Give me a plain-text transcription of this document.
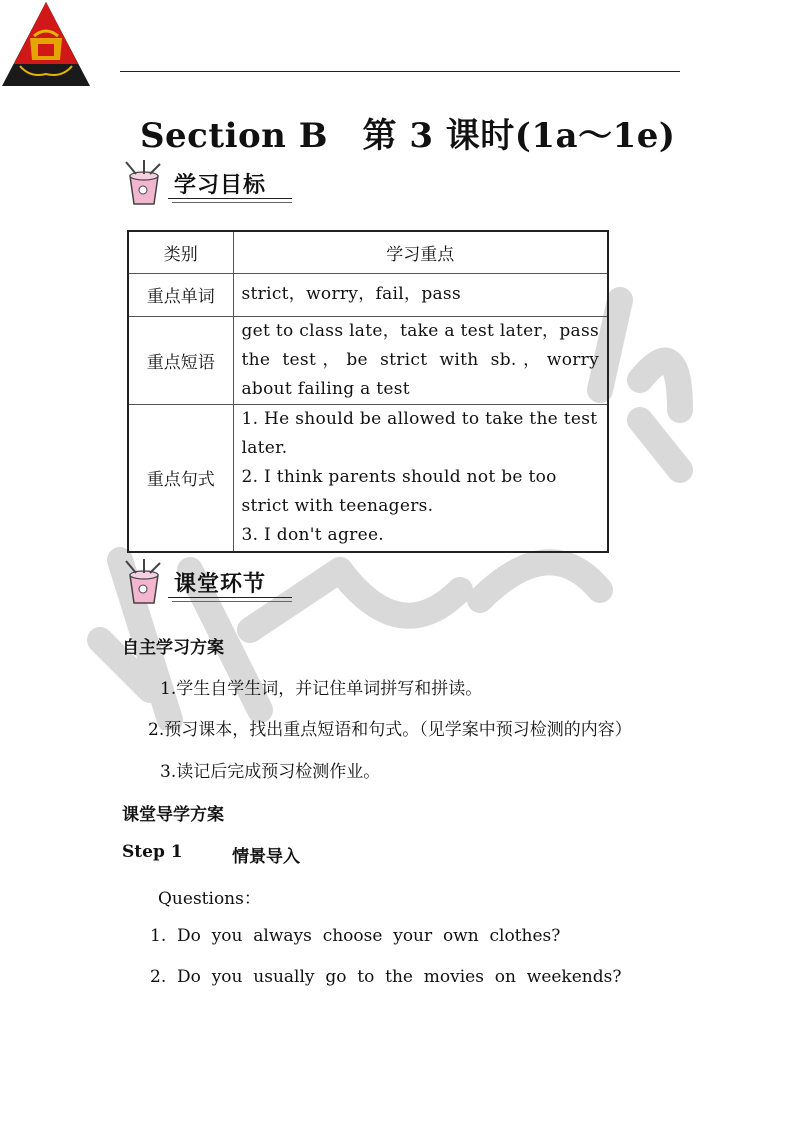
Section B　第 3 课时(1a～1e)
学习目标
类别	学习重点
重点单词	strict，worry，fail，pass
重点短语	get to class late，take a test later，pass the test，be strict with sb.，worry about failing a test
重点句式	1. He should be allowed to take the test later.
2. I think parents should not be too strict with teenagers.
3. I don't agree.
课堂环节
自主学习方案
1.学生自学生词，并记住单词拼写和拼读。
2.预习课本，找出重点短语和句式。（见学案中预习检测的内容）
3.读记后完成预习检测作业。
课堂导学方案
Step 1	情景导入
Questions：
1.  Do  you  always  choose  your  own  clothes?
2.  Do  you  usually  go  to  the  movies  on  weekends?
